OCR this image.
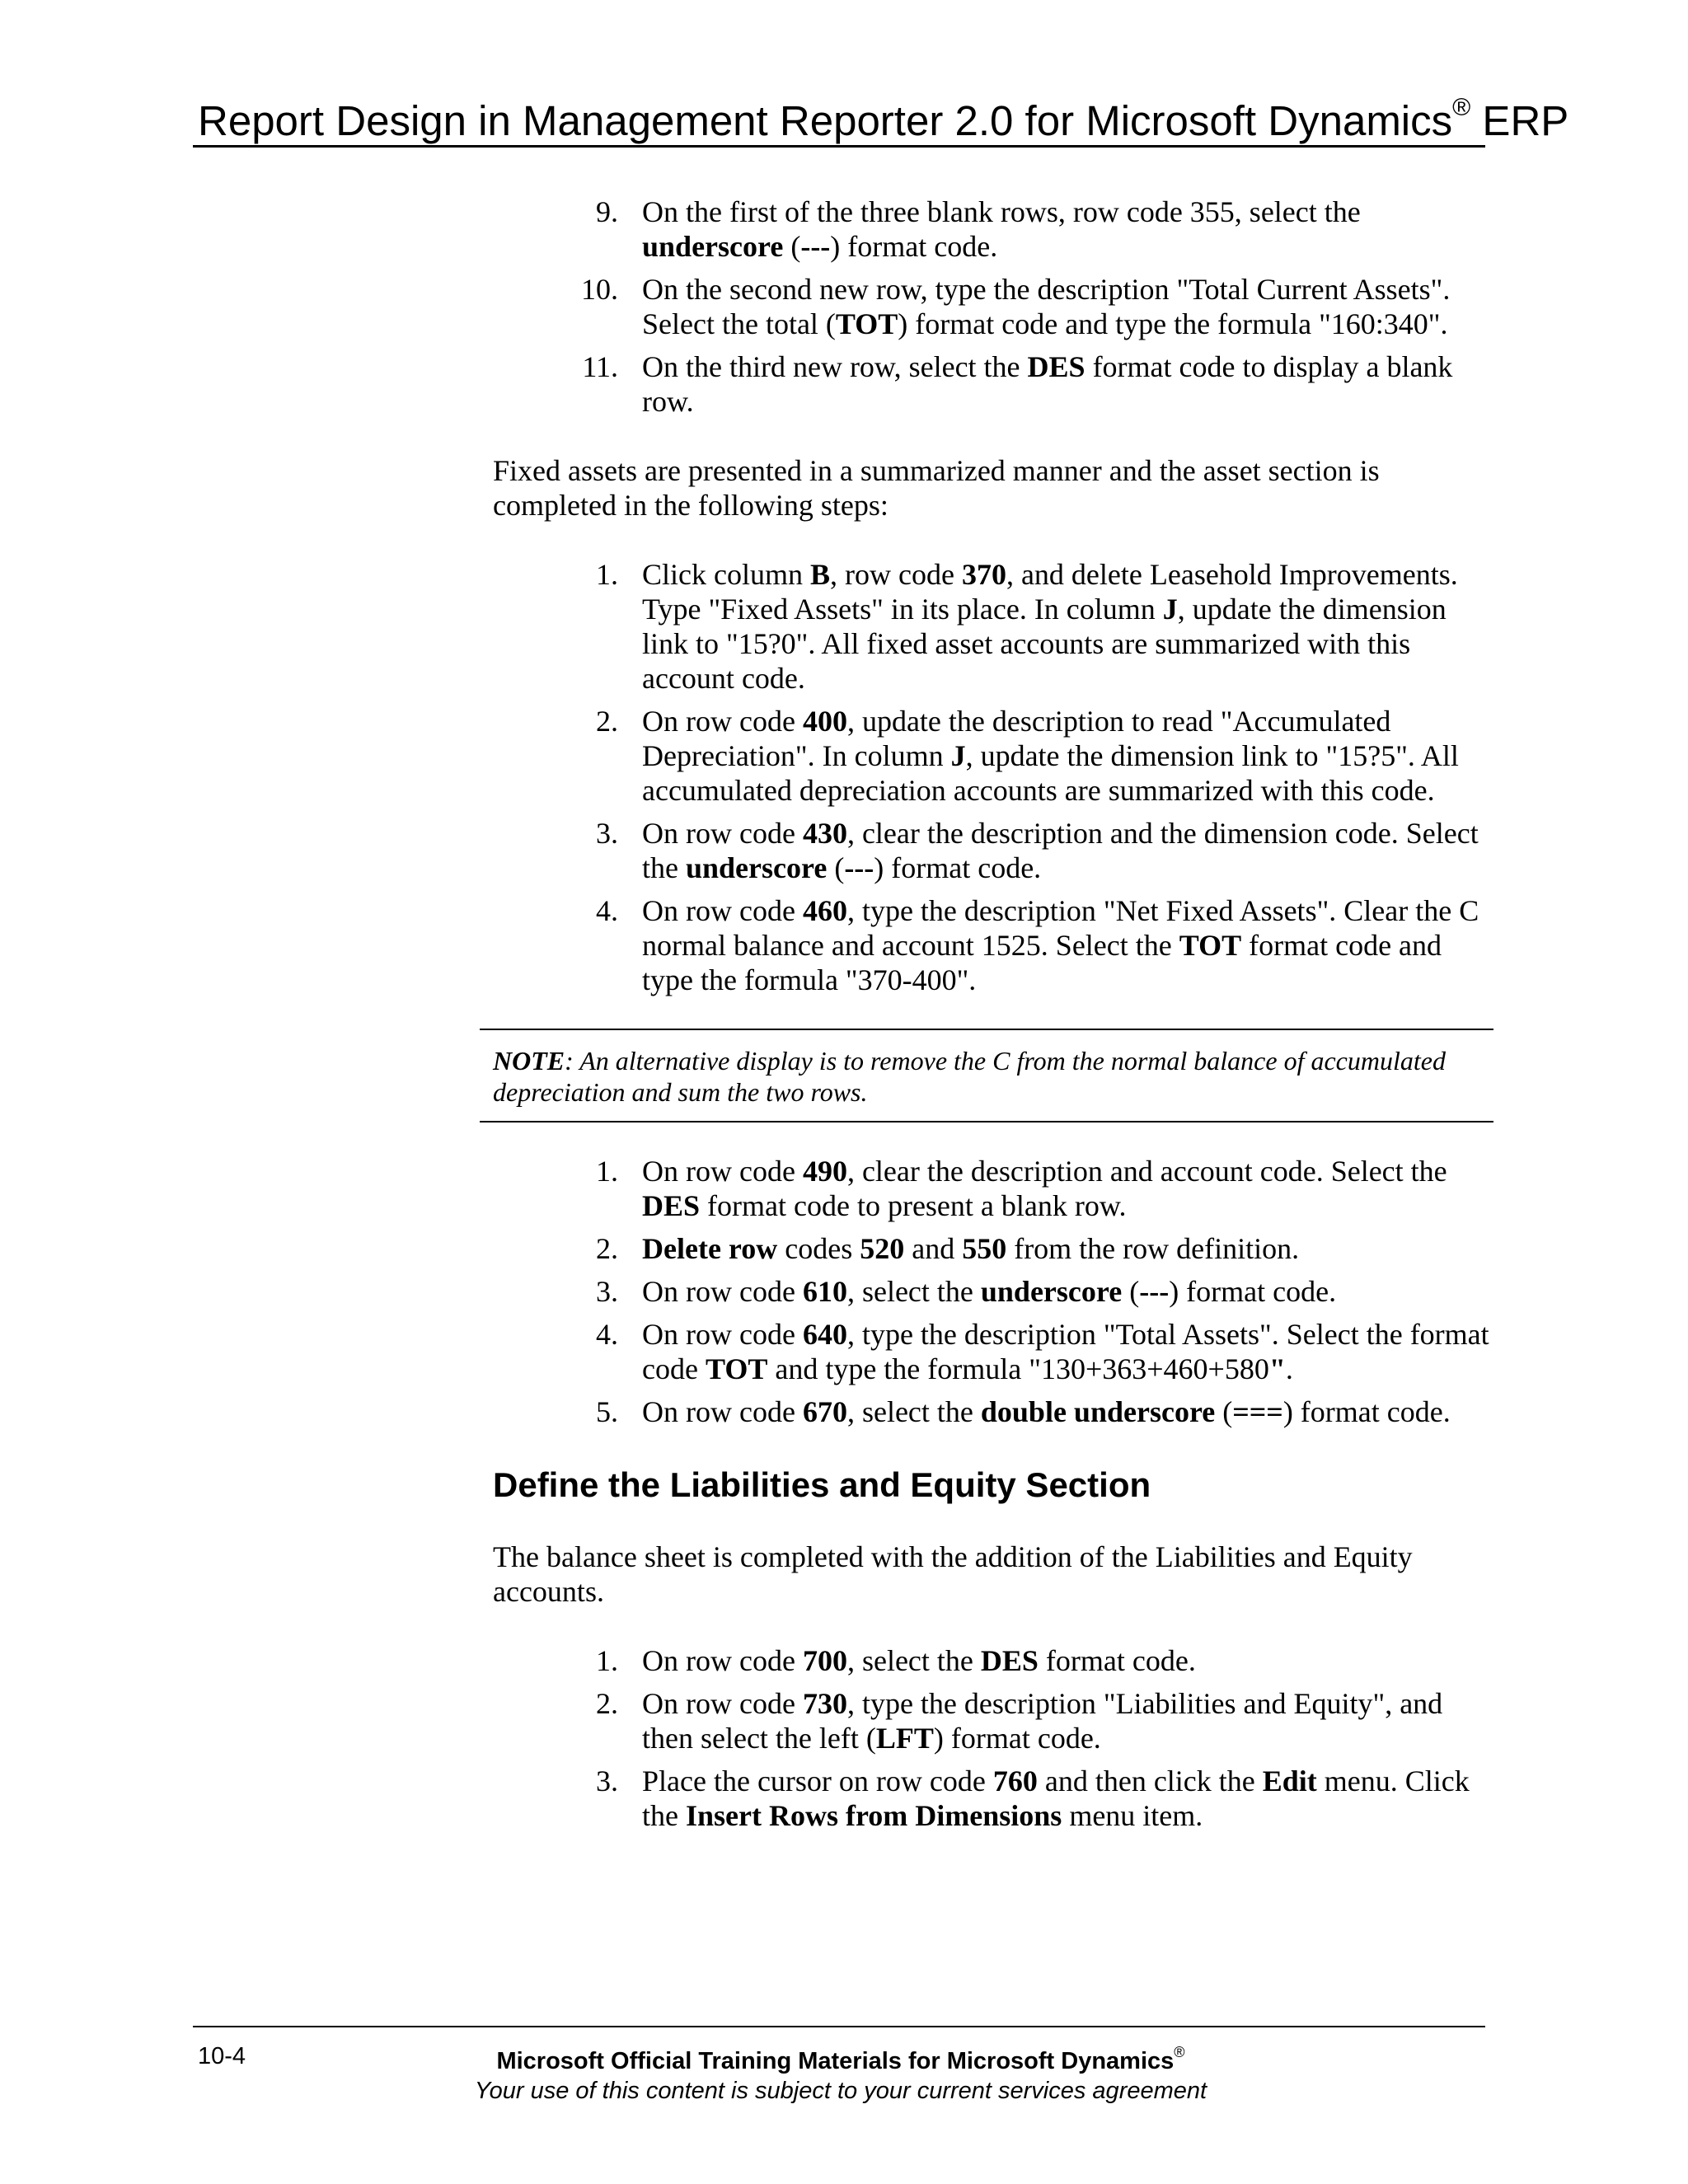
Report Design in Management Reporter 2.0 for Microsoft Dynamics® ERP
9 . On the first of the three blank rows, row code 355, select the underscore (---) format code.
10 . On the second new row, type the description "Total Current Assets". Select the total (TOT) format code and type the formula "160:340".
11 . On the third new row, select the DES format code to display a blank row.

Fixed assets are presented in a summarized manner and the asset section is completed in the following steps:

1 . Click column B, row code 370, and delete Leasehold Improvements. Type "Fixed Assets" in its place. In column J, update the dimension link to "15?0". All fixed asset accounts are summarized with this account code.
2 . On row code 400, update the description to read "Accumulated Depreciation". In column J, update the dimension link to "15?5". All accumulated depreciation accounts are summarized with this code.
3 . On row code 430, clear the description and the dimension code. Select the underscore (---) format code.
4 . On row code 460, type the description "Net Fixed Assets". Clear the C normal balance and account 1525. Select the TOT format code and type the formula "370-400".

NOTE: An alternative display is to remove the C from the normal balance of accumulated depreciation and sum the two rows.

1 . On row code 490, clear the description and account code. Select the DES format code to present a blank row.
2 . Delete row codes 520 and 550 from the row definition.
3 . On row code 610, select the underscore (---) format code.
4 . On row code 640, type the description "Total Assets". Select the format code TOT and type the formula "130+363+460+580".
5 . On row code 670, select the double underscore (===) format code.
Define the Liabilities and Equity Section

The balance sheet is completed with the addition of the Liabilities and Equity accounts.

1 . On row code 700, select the DES format code.
2 . On row code 730, type the description "Liabilities and Equity", and then select the left (LFT) format code.
3 . Place the cursor on row code 760 and then click the Edit menu. Click the Insert Rows from Dimensions menu item.

10-4	Microsoft Official Training Materials for Microsoft Dynamics®

Your use of this content is subject to your current services agreement
